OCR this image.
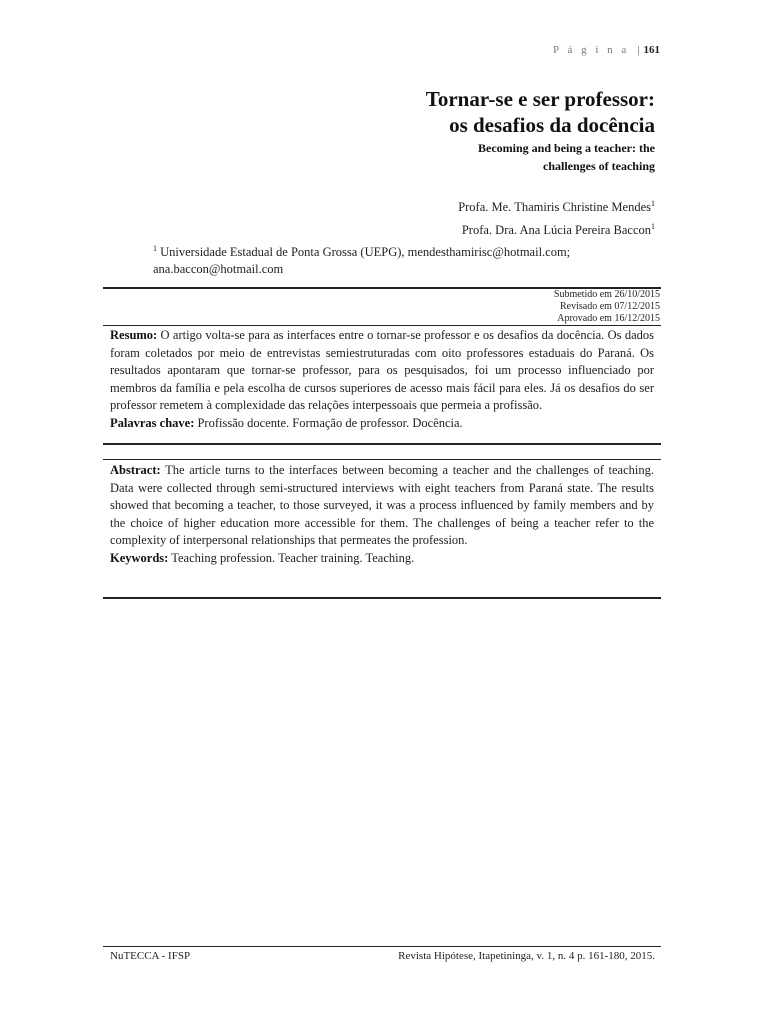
P á g i n a | 161
Tornar-se e ser professor:
os desafios da docência
Becoming and being a teacher: the
challenges of teaching
Profa. Me. Thamiris Christine Mendes$^1$
Profa. Dra. Ana Lúcia Pereira Baccon$^1$
$^1$ Universidade Estadual de Ponta Grossa (UEPG), mendesthamirisc@hotmail.com; ana.baccon@hotmail.com
Submetido em 26/10/2015
Revisado em 07/12/2015
Aprovado em 16/12/2015

Resumo: O artigo volta-se para as interfaces entre o tornar-se professor e os desafios da docência. Os dados foram coletados por meio de entrevistas semiestruturadas com oito professores estaduais do Paraná. Os resultados apontaram que tornar-se professor, para os pesquisados, foi um processo influenciado por membros da família e pela escolha de cursos superiores de acesso mais fácil para eles. Já os desafios do ser professor remetem à complexidade das relações interpessoais que permeia a profissão.

Palavras chave: Profissão docente. Formação de professor. Docência.

Abstract: The article turns to the interfaces between becoming a teacher and the challenges of teaching. Data were collected through semi-structured interviews with eight teachers from Paraná state. The results showed that becoming a teacher, to those surveyed, it was a process influenced by family members and by the choice of higher education more accessible for them. The challenges of being a teacher refer to the complexity of interpersonal relationships that permeates the profession.

Keywords: Teaching profession. Teacher training. Teaching.

NuTECCA - IFSP	Revista Hipótese, Itapetininga, v. 1, n. 4 p. 161-180, 2015.
